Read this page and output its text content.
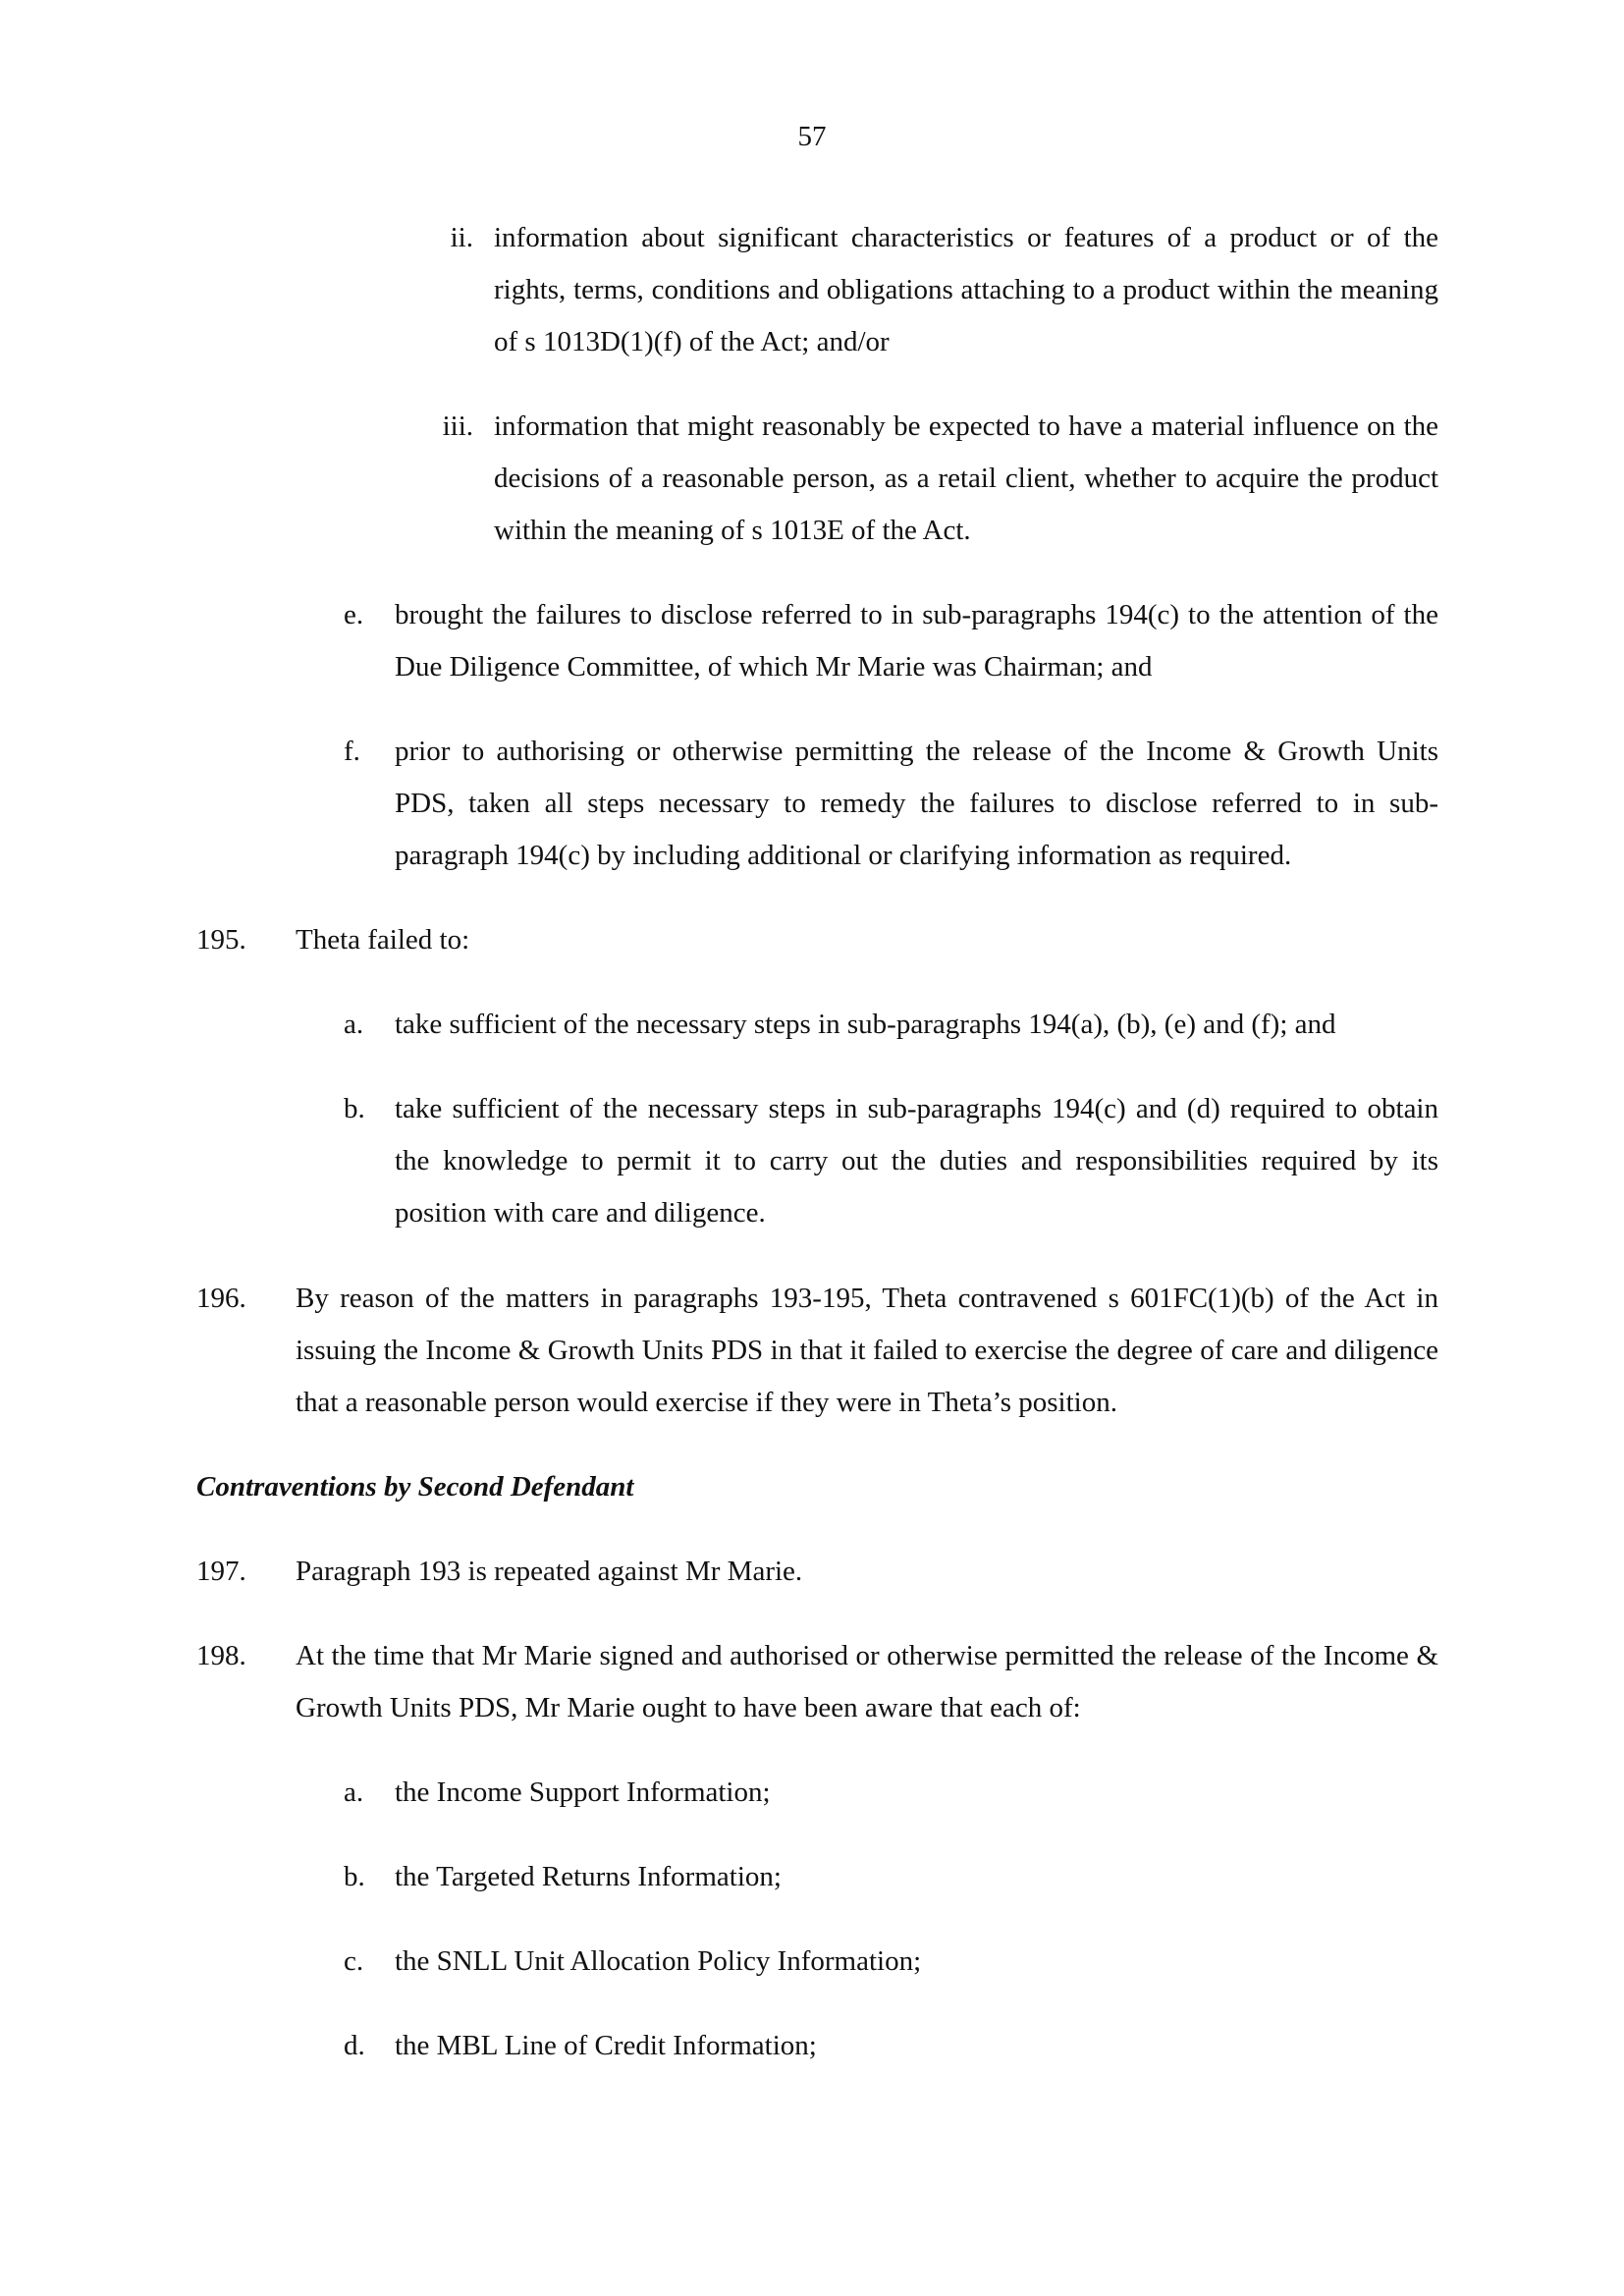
57
ii. information about significant characteristics or features of a product or of the rights, terms, conditions and obligations attaching to a product within the meaning of s 1013D(1)(f) of the Act; and/or
iii. information that might reasonably be expected to have a material influence on the decisions of a reasonable person, as a retail client, whether to acquire the product within the meaning of s 1013E of the Act.
e. brought the failures to disclose referred to in sub-paragraphs 194(c) to the attention of the Due Diligence Committee, of which Mr Marie was Chairman; and
f. prior to authorising or otherwise permitting the release of the Income & Growth Units PDS, taken all steps necessary to remedy the failures to disclose referred to in sub-paragraph 194(c) by including additional or clarifying information as required.
195. Theta failed to:
a. take sufficient of the necessary steps in sub-paragraphs 194(a), (b), (e) and (f); and
b. take sufficient of the necessary steps in sub-paragraphs 194(c) and (d) required to obtain the knowledge to permit it to carry out the duties and responsibilities required by its position with care and diligence.
196. By reason of the matters in paragraphs 193-195, Theta contravened s 601FC(1)(b) of the Act in issuing the Income & Growth Units PDS in that it failed to exercise the degree of care and diligence that a reasonable person would exercise if they were in Theta’s position.
Contraventions by Second Defendant
197. Paragraph 193 is repeated against Mr Marie.
198. At the time that Mr Marie signed and authorised or otherwise permitted the release of the Income & Growth Units PDS, Mr Marie ought to have been aware that each of:
a. the Income Support Information;
b. the Targeted Returns Information;
c. the SNLL Unit Allocation Policy Information;
d. the MBL Line of Credit Information;
